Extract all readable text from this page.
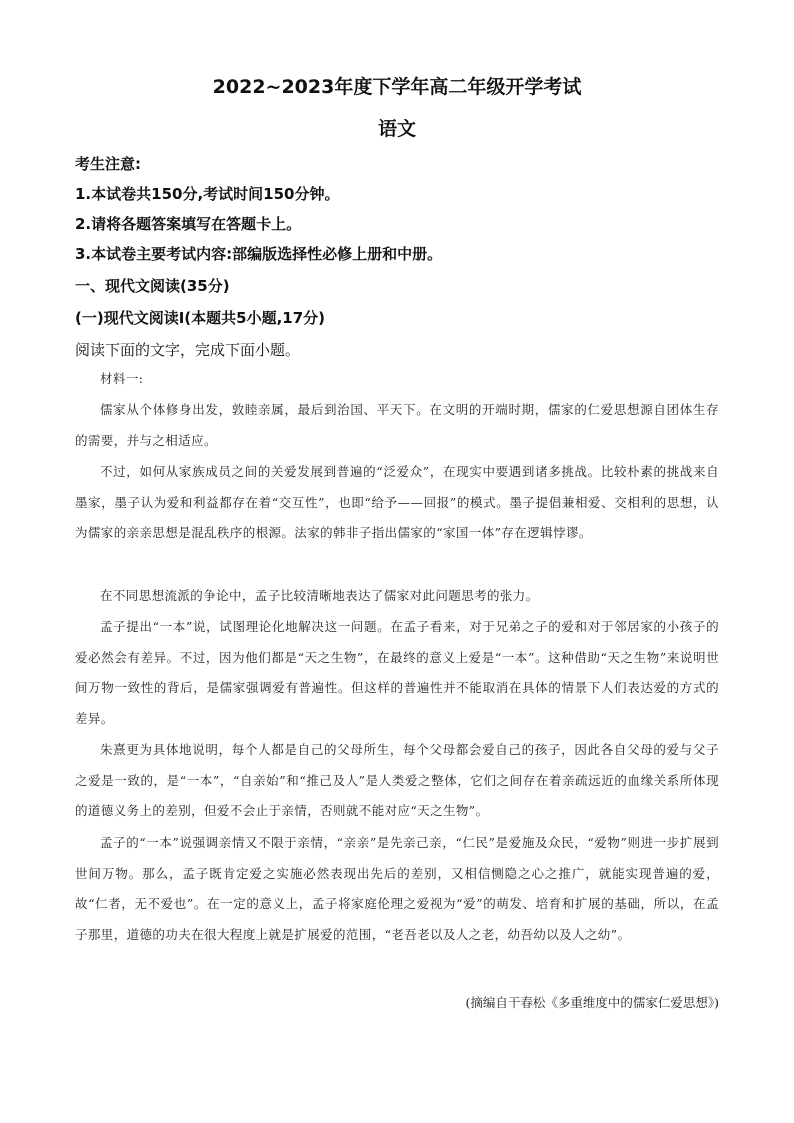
2022~2023年度下学年高二年级开学考试
语文
考生注意:
1.本试卷共150分,考试时间150分钟。
2.请将各题答案填写在答题卡上。
3.本试卷主要考试内容:部编版选择性必修上册和中册。
一、现代文阅读(35分)
(一)现代文阅读Ⅰ(本题共5小题,17分)
阅读下面的文字，完成下面小题。
材料一:
儒家从个体修身出发，敦睦亲属，最后到治国、平天下。在文明的开端时期，儒家的仁爱思想源自团体生存的需要，并与之相适应。
不过，如何从家族成员之间的关爱发展到普遍的“泛爱众”，在现实中要遇到诸多挑战。比较朴素的挑战来自墨家，墨子认为爱和利益都存在着“交互性”，也即“给予——回报”的模式。墨子提倡兼相爱、交相利的思想，认为儒家的亲亲思想是混乱秩序的根源。法家的韩非子指出儒家的“家国一体”存在逻辑悖谬。
在不同思想流派的争论中，孟子比较清晰地表达了儒家对此问题思考的张力。
孟子提出“一本”说，试图理论化地解决这一问题。在孟子看来，对于兄弟之子的爱和对于邻居家的小孩子的爱必然会有差异。不过，因为他们都是“天之生物”，在最终的意义上爱是“一本”。这种借助“天之生物”来说明世间万物一致性的背后，是儒家强调爱有普遍性。但这样的普遍性并不能取消在具体的情景下人们表达爱的方式的差异。
朱熹更为具体地说明，每个人都是自己的父母所生，每个父母都会爱自己的孩子，因此各自父母的爱与父子之爱是一致的，是“一本”，“自亲始”和“推己及人”是人类爱之整体，它们之间存在着亲疏远近的血缘关系所体现的道德义务上的差别，但爱不会止于亲情，否则就不能对应“天之生物”。
孟子的“一本”说强调亲情又不限于亲情，“亲亲”是先亲己亲，“仁民”是爱施及众民，“爱物”则进一步扩展到世间万物。那么，孟子既肯定爱之实施必然表现出先后的差别，又相信恻隐之心之推广，就能实现普遍的爱，故“仁者，无不爱也”。在一定的意义上，孟子将家庭伦理之爱视为“爱”的萌发、培育和扩展的基础，所以，在孟子那里，道德的功夫在很大程度上就是扩展爱的范围，“老吾老以及人之老，幼吾幼以及人之幼”。
(摘编自干春松《多重维度中的儒家仁爱思想》)
